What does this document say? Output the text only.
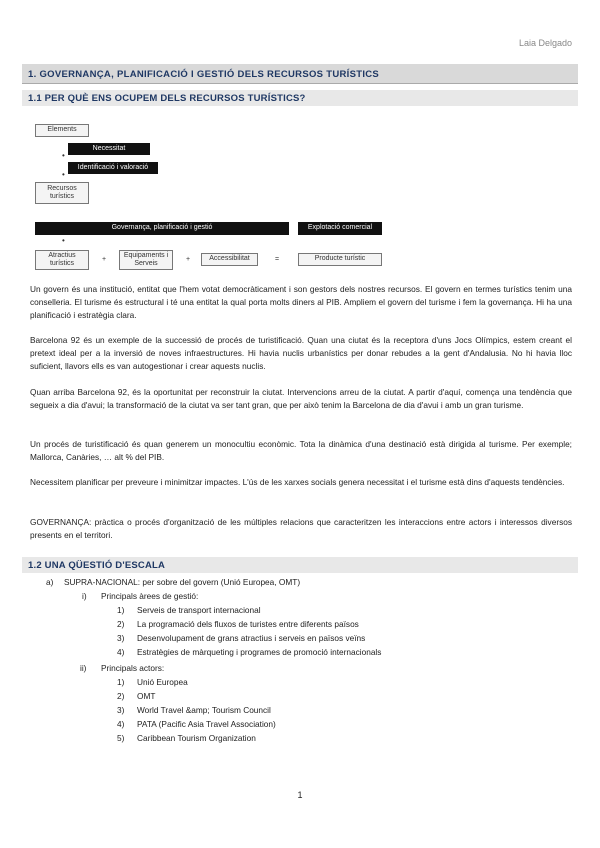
Laia Delgado
1. GOVERNANÇA, PLANIFICACIÓ I GESTIÓ DELS RECURSOS TURÍSTICS
1.1 PER QUÈ ENS OCUPEM DELS RECURSOS TURÍSTICS?
Elements
•
Necessitat
Identificació i valoració
•
Recursos turístics
Governança, planificació i gestió	Explotació comercial
•
Atractius turístics
+
Equipaments i Serveis
+	Accessibilitat	=	Producte turístic

Un govern és una institució, entitat que l'hem votat democràticament i son gestors dels nostres recursos. El govern en termes turístics tenim una conselleria. El turisme és estructural i té una entitat la qual porta molts diners al PIB. Ampliem el govern del turisme i fem la governança. Hi ha una planificació i estratègia clara.

Barcelona 92 és un exemple de la successió de procés de turistificació. Quan una ciutat és la receptora d'uns Jocs Olímpics, estem creant el pretext ideal per a la inversió de noves infraestructures. Hi havia nuclis urbanístics per donar rebudes a la gent d'Andalusia. No hi havia lloc suficient, llavors ells es van autogestionar i crear aquests nuclis.

Quan arriba Barcelona 92, és la oportunitat per reconstruir la ciutat. Intervencions arreu de la ciutat. A partir d'aquí, comença una tendència que segueix a dia d'avui; la transformació de la ciutat va ser tant gran, que per això tenim la Barcelona de dia d'avui i amb un gran turisme.

Un procés de turistificació és quan generem un monocultiu econòmic. Tota la dinàmica d'una destinació està dirigida al turisme. Per exemple; Mallorca, Canàries, … alt % del PIB.

Necessitem planificar per preveure i minimitzar impactes. L'ús de les xarxes socials genera necessitat i el turisme està dins d'aquests tendències.

GOVERNANÇA: pràctica o procés d'organització de les múltiples relacions que caracteritzen les interaccions entre actors i interessos diversos presents en el territori.

1.2 UNA QÜESTIÓ D'ESCALA
a) SUPRA-NACIONAL: per sobre del govern (Unió Europea, OMT)
i) Principals àrees de gestió:
1) Serveis de transport internacional
2) La programació dels fluxos de turistes entre diferents països
3) Desenvolupament de grans atractius i serveis en països veïns
4) Estratègies de màrqueting i programes de promoció internacionals
ii) Principals actors:
1) Unió Europea
2) OMT
3) World Travel &amp; Tourism Council
4) PATA (Pacific Asia Travel Association)
5) Caribbean Tourism Organization
1
